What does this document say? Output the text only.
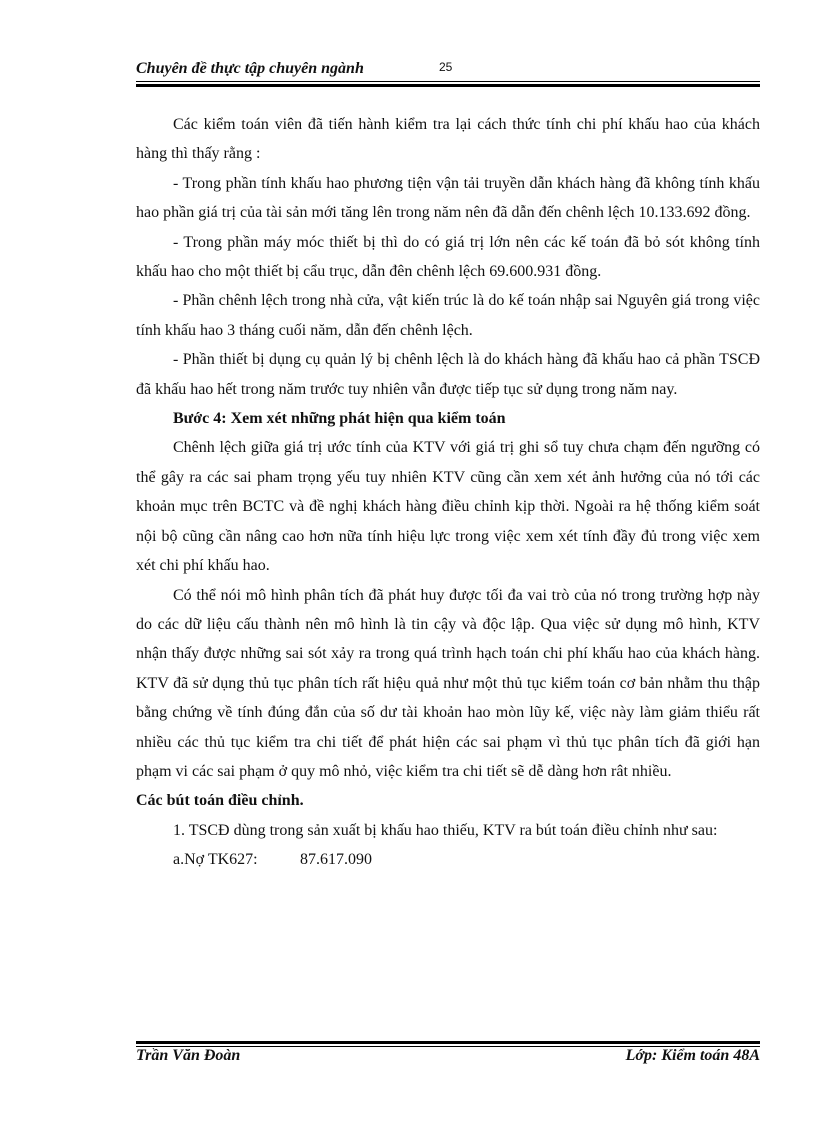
Chuyên đề thực tập chuyên ngành	25

Các kiểm toán viên đã tiến hành kiểm tra lại cách thức tính chi phí khấu hao của khách hàng thì thấy rằng :

- Trong phần tính khấu hao phương tiện vận tải truyền dẫn khách hàng đã không tính khấu hao phần giá trị của tài sản mới tăng lên trong năm nên đã dẫn đến chênh lệch 10.133.692 đồng.

- Trong phần máy móc thiết bị thì do có giá trị lớn nên các kế toán đã bỏ sót không tính khấu hao cho một thiết bị cẩu trục, dẫn đên chênh lệch 69.600.931 đồng.

- Phần chênh lệch trong nhà cửa, vật kiến trúc là do kế toán nhập sai Nguyên giá trong việc tính khấu hao 3 tháng cuối năm, dẫn đến chênh lệch.

- Phần thiết bị dụng cụ quản lý bị chênh lệch là do khách hàng đã khấu hao cả phần TSCĐ đã khấu hao hết trong năm trước tuy nhiên vẫn được tiếp tục sử dụng trong năm nay.

Bước 4: Xem xét những phát hiện qua kiểm toán

Chênh lệch giữa giá trị ước tính của KTV với giá trị ghi sổ tuy chưa chạm đến ngưỡng có thể gây ra các sai pham trọng yếu tuy nhiên KTV cũng cần xem xét ảnh hưởng của nó tới các khoản mục trên BCTC và đề nghị khách hàng điều chỉnh kịp thời. Ngoài ra hệ thống kiểm soát nội bộ cũng cần nâng cao hơn nữa tính hiệu lực trong việc xem xét tính đầy đủ trong việc xem xét chi phí khấu hao.

Có thể nói mô hình phân tích đã phát huy được tối đa vai trò của nó trong trường hợp này do các dữ liệu cấu thành nên mô hình là tin cậy và độc lập. Qua việc sử dụng mô hình, KTV nhận thấy được những sai sót xảy ra trong quá trình hạch toán chi phí khấu hao của khách hàng. KTV đã sử dụng thủ tục phân tích rất hiệu quả như một thủ tục kiểm toán cơ bản nhằm thu thập bằng chứng về tính đúng đắn của số dư tài khoản hao mòn lũy kế, việc này làm giảm thiểu rất nhiều các thủ tục kiểm tra chi tiết để phát hiện các sai phạm vì thủ tục phân tích đã giới hạn phạm vi các sai phạm ở quy mô nhỏ, việc kiểm tra chi tiết sẽ dễ dàng hơn rât nhiều.

Các bút toán điều chỉnh.

1. TSCĐ dùng trong sản xuất bị khấu hao thiếu, KTV ra bút toán điều chỉnh như sau:

a.Nợ TK627:	87.617.090

Trần Văn Đoàn	Lớp: Kiểm toán 48A
